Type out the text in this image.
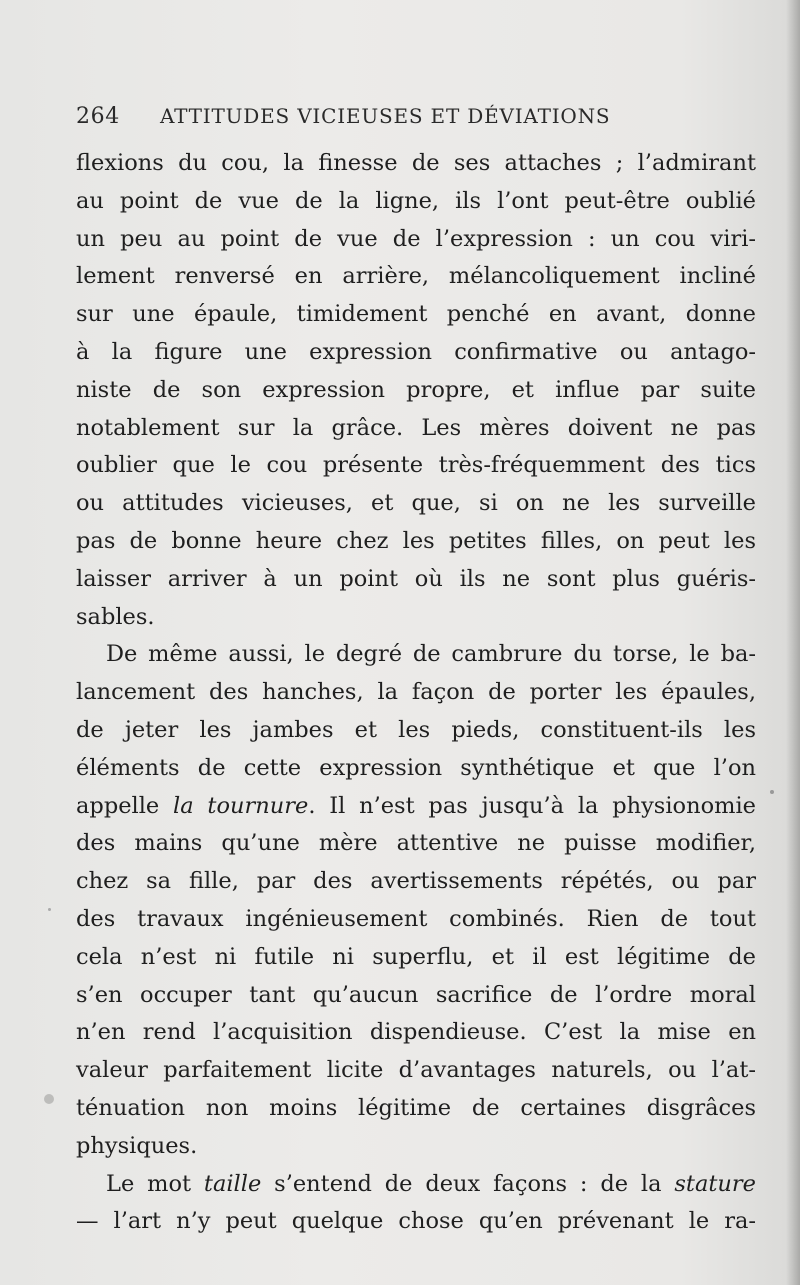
264 ATTITUDES VICIEUSES ET DÉVIATIONS
flexions du cou, la finesse de ses attaches ; l’admirant
au point de vue de la ligne, ils l’ont peut-être oublié
un peu au point de vue de l’expression : un cou viri-
lement renversé en arrière, mélancoliquement incliné
sur une épaule, timidement penché en avant, donne
à la figure une expression confirmative ou antago-
niste de son expression propre, et influe par suite
notablement sur la grâce. Les mères doivent ne pas
oublier que le cou présente très-fréquemment des tics
ou attitudes vicieuses, et que, si on ne les surveille
pas de bonne heure chez les petites filles, on peut les
laisser arriver à un point où ils ne sont plus guéris-
sables.
De même aussi, le degré de cambrure du torse, le ba-
lancement des hanches, la façon de porter les épaules,
de jeter les jambes et les pieds, constituent-ils les
éléments de cette expression synthétique et que l’on
appelle la tournure. Il n’est pas jusqu’à la physionomie
des mains qu’une mère attentive ne puisse modifier,
chez sa fille, par des avertissements répétés, ou par
des travaux ingénieusement combinés. Rien de tout
cela n’est ni futile ni superflu, et il est légitime de
s’en occuper tant qu’aucun sacrifice de l’ordre moral
n’en rend l’acquisition dispendieuse. C’est la mise en
valeur parfaitement licite d’avantages naturels, ou l’at-
ténuation non moins légitime de certaines disgrâces
physiques.
Le mot taille s’entend de deux façons : de la stature
— l’art n’y peut quelque chose qu’en prévenant le ra-
